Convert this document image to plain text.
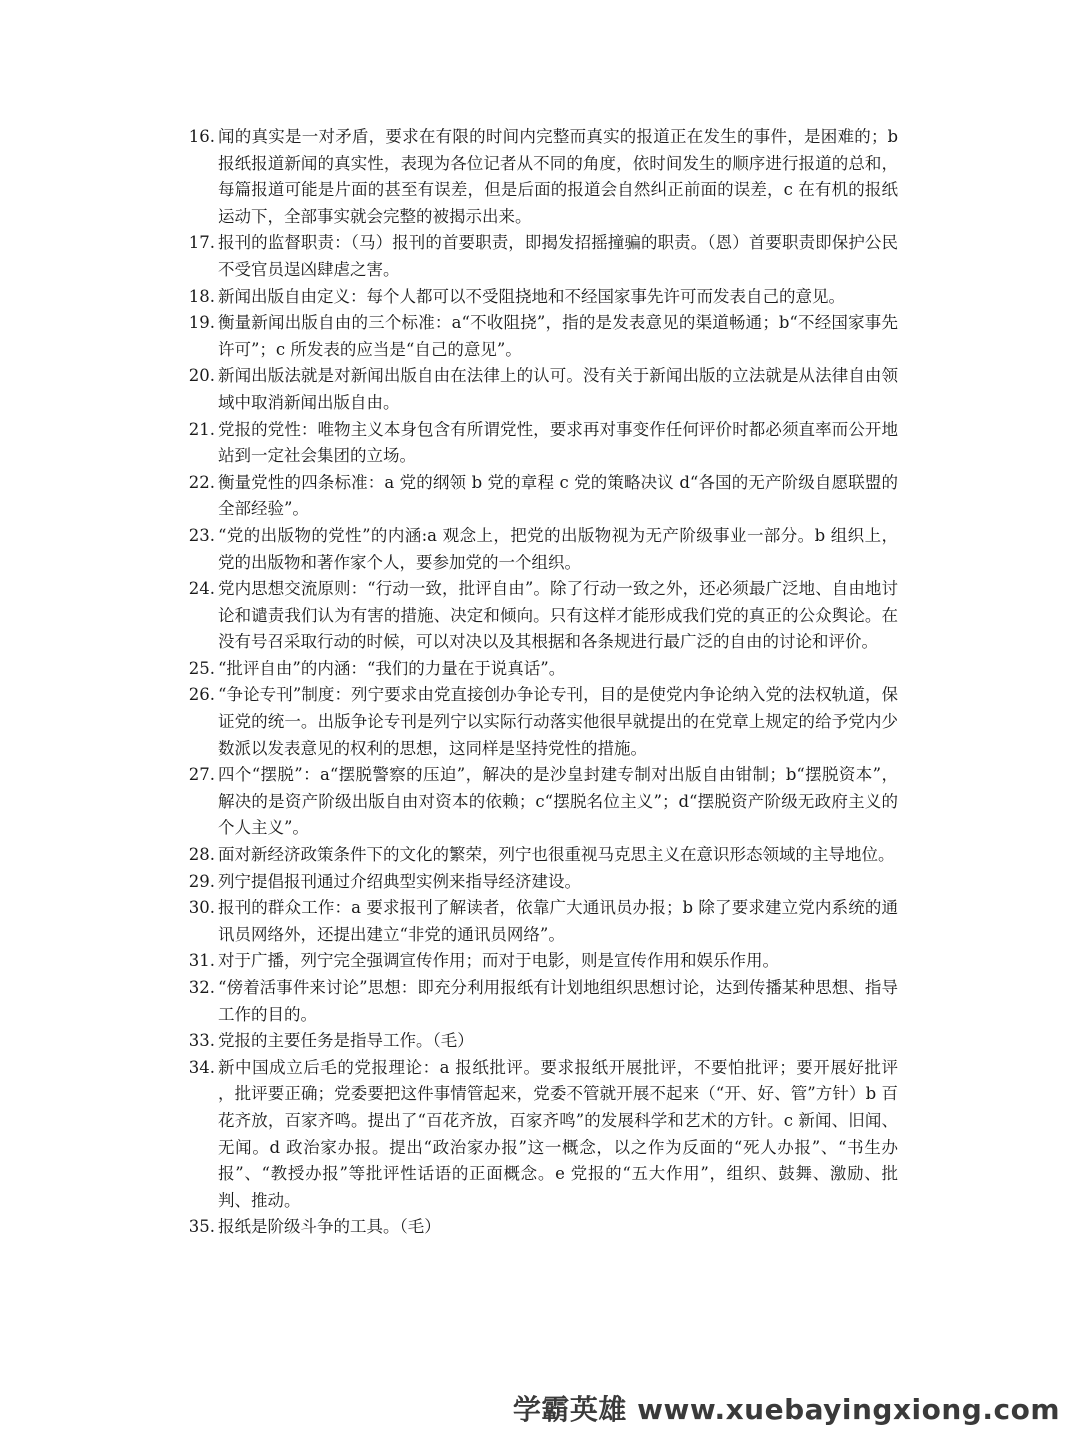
16. 闻的真实是一对矛盾，要求在有限的时间内完整而真实的报道正在发生的事件，是困难的；b 报纸报道新闻的真实性，表现为各位记者从不同的角度，依时间发生的顺序进行报道的总和，每篇报道可能是片面的甚至有误差，但是后面的报道会自然纠正前面的误差，c 在有机的报纸运动下，全部事实就会完整的被揭示出来。
17. 报刊的监督职责：（马）报刊的首要职责，即揭发招摇撞骗的职责。（恩）首要职责即保护公民不受官员逞凶肆虐之害。
18. 新闻出版自由定义：每个人都可以不受阻挠地和不经国家事先许可而发表自己的意见。
19. 衡量新闻出版自由的三个标准：a“不收阻挠”，指的是发表意见的渠道畅通；b“不经国家事先许可”；c 所发表的应当是“自己的意见”。
20. 新闻出版法就是对新闻出版自由在法律上的认可。没有关于新闻出版的立法就是从法律自由领域中取消新闻出版自由。
21. 党报的党性：唯物主义本身包含有所谓党性，要求再对事变作任何评价时都必须直率而公开地站到一定社会集团的立场。
22. 衡量党性的四条标准：a 党的纲领 b 党的章程 c 党的策略决议 d“各国的无产阶级自愿联盟的全部经验”。
23. “党的出版物的党性”的内涵:a 观念上，把党的出版物视为无产阶级事业一部分。b 组织上，党的出版物和著作家个人，要参加党的一个组织。
24. 党内思想交流原则：“行动一致，批评自由”。除了行动一致之外，还必须最广泛地、自由地讨论和谴责我们认为有害的措施、决定和倾向。只有这样才能形成我们党的真正的公众舆论。在没有号召采取行动的时候，可以对决以及其根据和各条规进行最广泛的自由的讨论和评价。
25. “批评自由”的内涵：“我们的力量在于说真话”。
26. “争论专刊”制度：列宁要求由党直接创办争论专刊，目的是使党内争论纳入党的法权轨道，保证党的统一。出版争论专刊是列宁以实际行动落实他很早就提出的在党章上规定的给予党内少数派以发表意见的权利的思想，这同样是坚持党性的措施。
27. 四个“摆脱”：a“摆脱警察的压迫”，解决的是沙皇封建专制对出版自由钳制；b“摆脱资本”，解决的是资产阶级出版自由对资本的依赖；c“摆脱名位主义”；d“摆脱资产阶级无政府主义的个人主义”。
28. 面对新经济政策条件下的文化的繁荣，列宁也很重视马克思主义在意识形态领域的主导地位。
29. 列宁提倡报刊通过介绍典型实例来指导经济建设。
30. 报刊的群众工作：a 要求报刊了解读者，依靠广大通讯员办报；b 除了要求建立党内系统的通讯员网络外，还提出建立“非党的通讯员网络”。
31. 对于广播，列宁完全强调宣传作用；而对于电影，则是宣传作用和娱乐作用。
32. “傍着活事件来讨论”思想：即充分利用报纸有计划地组织思想讨论，达到传播某种思想、指导工作的目的。
33. 党报的主要任务是指导工作。（毛）
34. 新中国成立后毛的党报理论：a 报纸批评。要求报纸开展批评，不要怕批评；要开展好批评 ，批评要正确；党委要把这件事情管起来，党委不管就开展不起来（“开、好、管”方针）b 百花齐放，百家齐鸣。提出了“百花齐放，百家齐鸣”的发展科学和艺术的方针。c 新闻、旧闻、无闻。d 政治家办报。提出“政治家办报”这一概念，以之作为反面的“死人办报”、“书生办报”、“教授办报”等批评性话语的正面概念。e 党报的“五大作用”，组织、鼓舞、激励、批判、推动。
35. 报纸是阶级斗争的工具。（毛）
学霸英雄 www.xuebayingxiong.com
